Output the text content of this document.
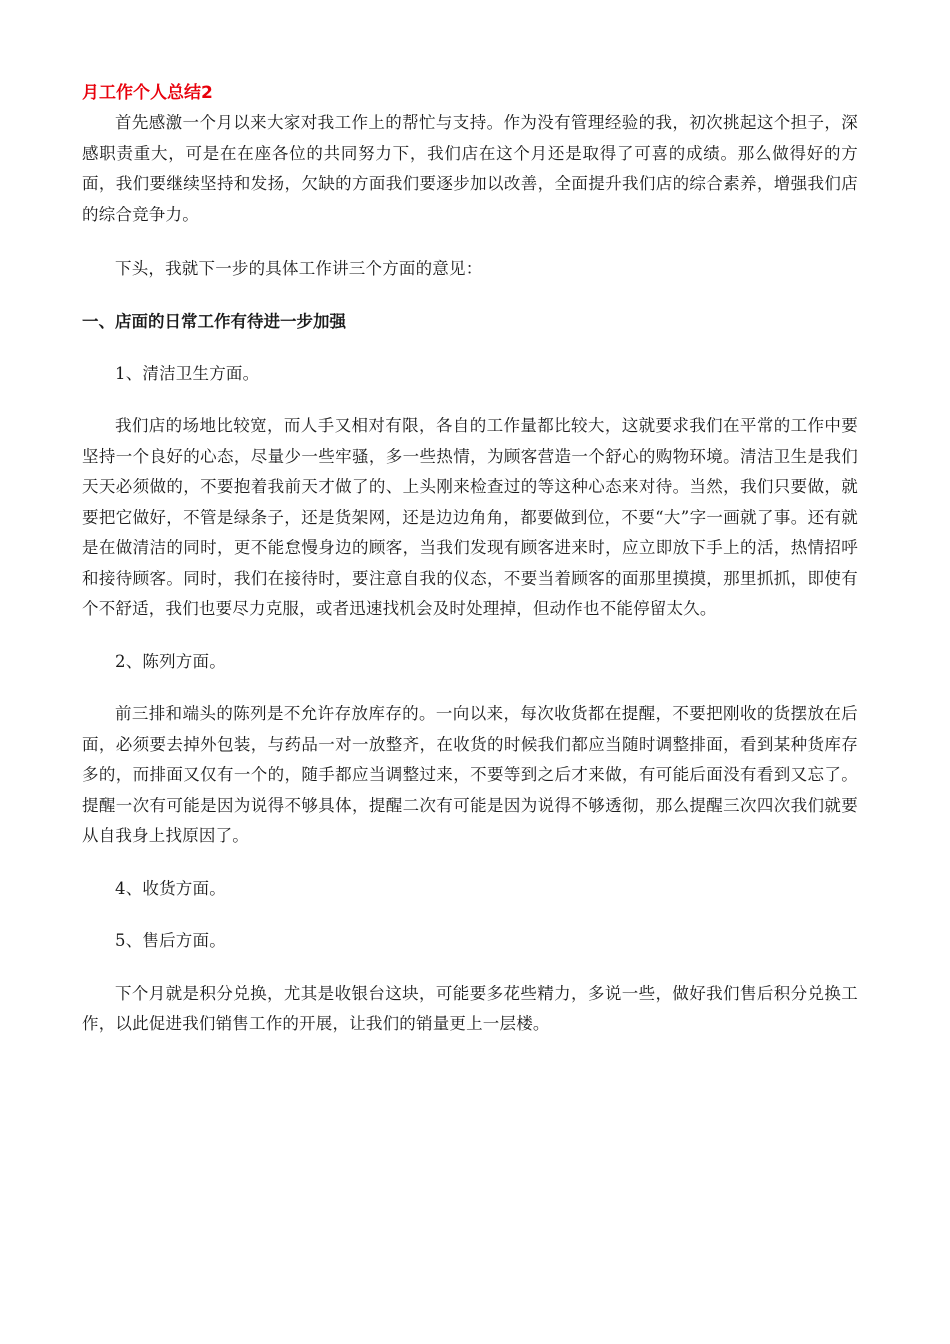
月工作个人总结2

首先感激一个月以来大家对我工作上的帮忙与支持。作为没有管理经验的我，初次挑起这个担子，深感职责重大，可是在在座各位的共同努力下，我们店在这个月还是取得了可喜的成绩。那么做得好的方面，我们要继续坚持和发扬，欠缺的方面我们要逐步加以改善，全面提升我们店的综合素养，增强我们店的综合竞争力。

下头，我就下一步的具体工作讲三个方面的意见：

一、店面的日常工作有待进一步加强

1、清洁卫生方面。

我们店的场地比较宽，而人手又相对有限，各自的工作量都比较大，这就要求我们在平常的工作中要坚持一个良好的心态，尽量少一些牢骚，多一些热情，为顾客营造一个舒心的购物环境。清洁卫生是我们天天必须做的，不要抱着我前天才做了的、上头刚来检查过的等这种心态来对待。当然，我们只要做，就要把它做好，不管是绿条子，还是货架网，还是边边角角，都要做到位，不要“大”字一画就了事。还有就是在做清洁的同时，更不能怠慢身边的顾客，当我们发现有顾客进来时，应立即放下手上的活，热情招呼和接待顾客。同时，我们在接待时，要注意自我的仪态，不要当着顾客的面那里摸摸，那里抓抓，即使有个不舒适，我们也要尽力克服，或者迅速找机会及时处理掉，但动作也不能停留太久。

2、陈列方面。

前三排和端头的陈列是不允许存放库存的。一向以来，每次收货都在提醒，不要把刚收的货摆放在后面，必须要去掉外包装，与药品一对一放整齐，在收货的时候我们都应当随时调整排面，看到某种货库存多的，而排面又仅有一个的，随手都应当调整过来，不要等到之后才来做，有可能后面没有看到又忘了。提醒一次有可能是因为说得不够具体，提醒二次有可能是因为说得不够透彻，那么提醒三次四次我们就要从自我身上找原因了。

4、收货方面。

5、售后方面。

下个月就是积分兑换，尤其是收银台这块，可能要多花些精力，多说一些，做好我们售后积分兑换工作，以此促进我们销售工作的开展，让我们的销量更上一层楼。
